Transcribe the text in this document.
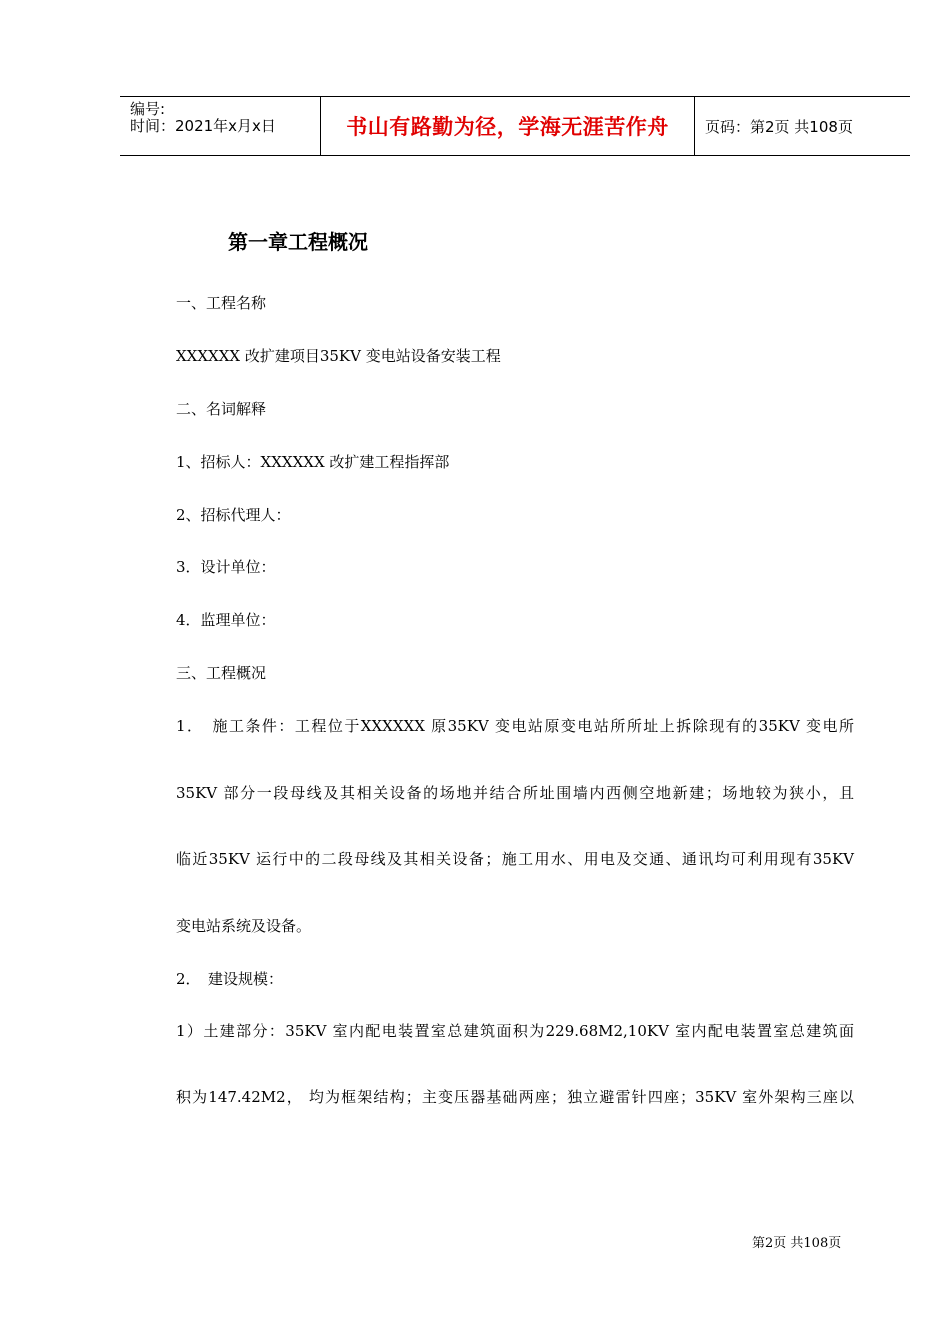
编号:
时间：2021年x月x日	书山有路勤为径，学海无涯苦作舟	页码：第2页 共108页
第一章工程概况
一、工程名称
XXXXXX 改扩建项目35KV 变电站设备安装工程
二、名词解释
1、招标人：XXXXXX 改扩建工程指挥部
2、招标代理人：
3．设计单位：
4．监理单位：
三、工程概况
1．　施工条件：工程位于XXXXXX 原35KV 变电站原变电站所所址上拆除现有的35KV 变电所
35KV 部分一段母线及其相关设备的场地并结合所址围墙内西侧空地新建；场地较为狭小，且
临近35KV 运行中的二段母线及其相关设备；施工用水、用电及交通、通讯均可利用现有35KV
变电站系统及设备。
2．　建设规模：
1）土建部分：35KV 室内配电装置室总建筑面积为229.68M2,10KV 室内配电装置室总建筑面
积为147.42M2， 均为框架结构；主变压器基础两座；独立避雷针四座；35KV 室外架构三座以
第2页 共108页
